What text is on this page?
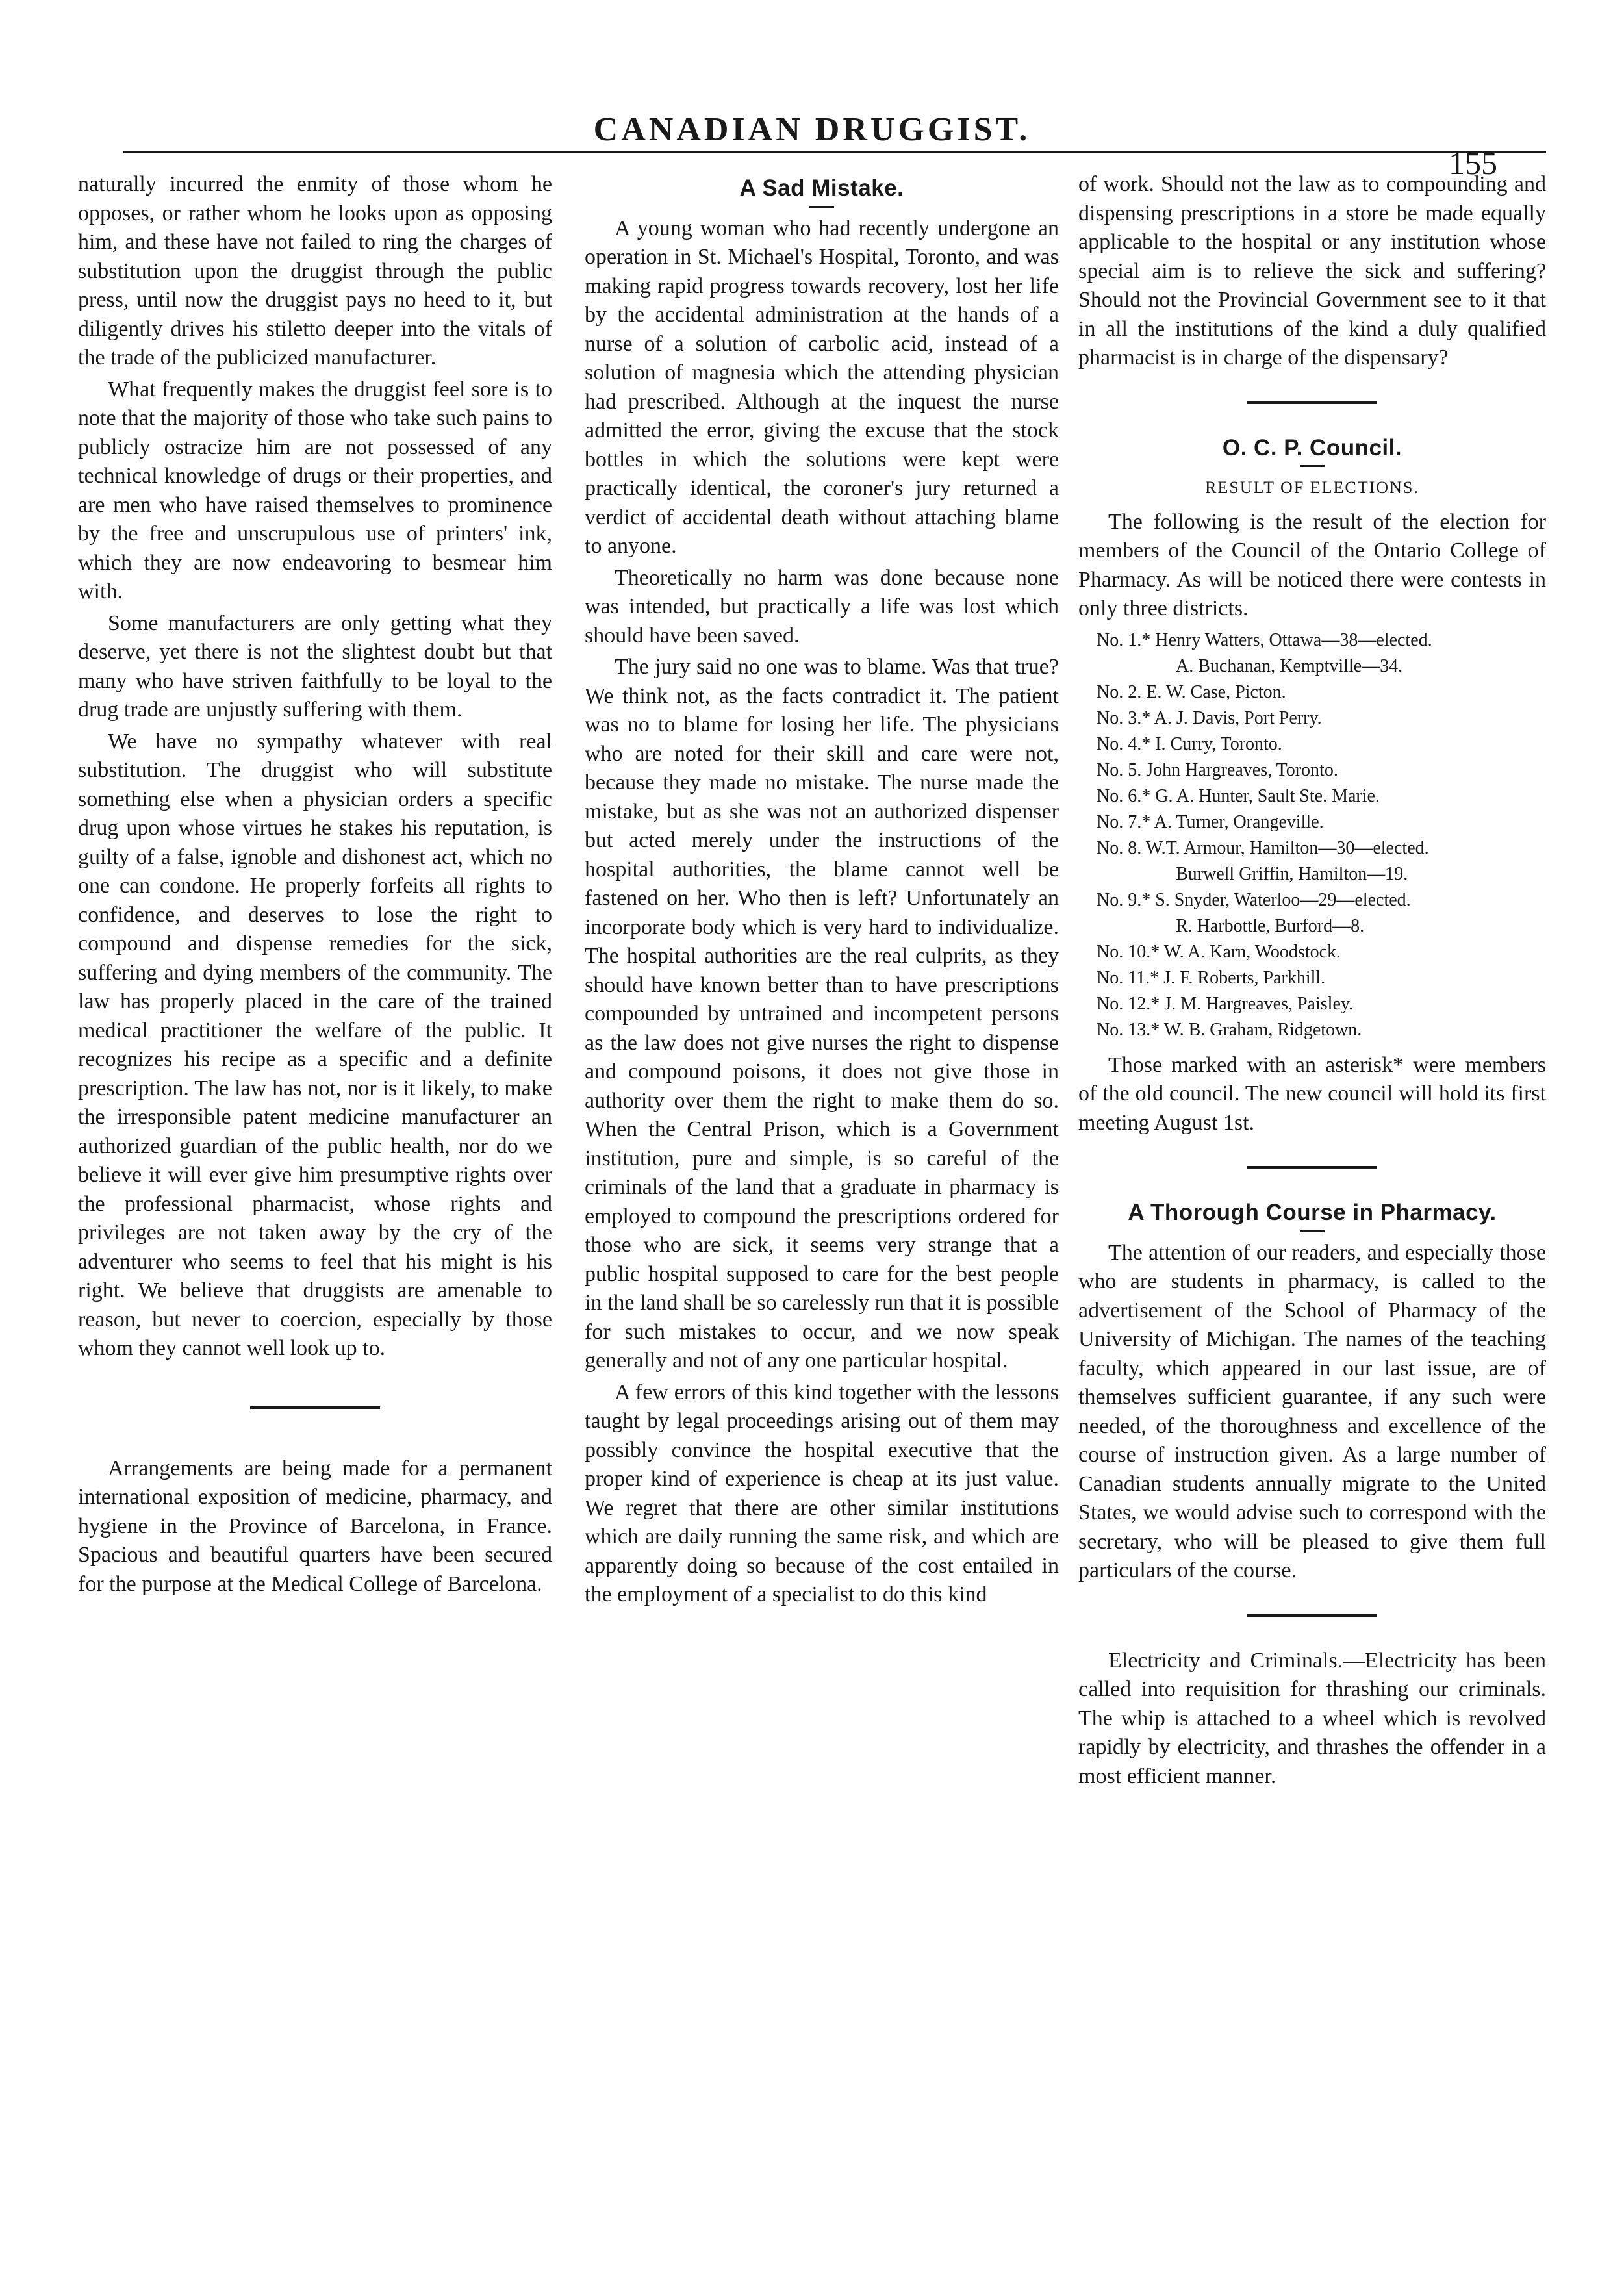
CANADIAN DRUGGIST.
155

naturally incurred the enmity of those whom he opposes, or rather whom he looks upon as opposing him, and these have not failed to ring the charges of substitution upon the druggist through the public press, until now the druggist pays no heed to it, but diligently drives his stiletto deeper into the vitals of the trade of the publicized manufacturer.

What frequently makes the druggist feel sore is to note that the majority of those who take such pains to publicly ostracize him are not possessed of any technical knowledge of drugs or their properties, and are men who have raised themselves to prominence by the free and unscrupulous use of printers' ink, which they are now endeavoring to besmear him with.

Some manufacturers are only getting what they deserve, yet there is not the slightest doubt but that many who have striven faithfully to be loyal to the drug trade are unjustly suffering with them.

We have no sympathy whatever with real substitution. The druggist who will substitute something else when a physician orders a specific drug upon whose virtues he stakes his reputation, is guilty of a false, ignoble and dishonest act, which no one can condone. He properly forfeits all rights to confidence, and deserves to lose the right to compound and dispense remedies for the sick, suffering and dying members of the community. The law has properly placed in the care of the trained medical practitioner the welfare of the public. It recognizes his recipe as a specific and a definite prescription. The law has not, nor is it likely, to make the irresponsible patent medicine manufacturer an authorized guardian of the public health, nor do we believe it will ever give him presumptive rights over the professional pharmacist, whose rights and privileges are not taken away by the cry of the adventurer who seems to feel that his might is his right. We believe that druggists are amenable to reason, but never to coercion, especially by those whom they cannot well look up to.

Arrangements are being made for a permanent international exposition of medicine, pharmacy, and hygiene in the Province of Barcelona, in France. Spacious and beautiful quarters have been secured for the purpose at the Medical College of Barcelona.

A Sad Mistake.

A young woman who had recently undergone an operation in St. Michael's Hospital, Toronto, and was making rapid progress towards recovery, lost her life by the accidental administration at the hands of a nurse of a solution of carbolic acid, instead of a solution of magnesia which the attending physician had prescribed. Although at the inquest the nurse admitted the error, giving the excuse that the stock bottles in which the solutions were kept were practically identical, the coroner's jury returned a verdict of accidental death without attaching blame to anyone.

Theoretically no harm was done because none was intended, but practically a life was lost which should have been saved.

The jury said no one was to blame. Was that true? We think not, as the facts contradict it. The patient was no to blame for losing her life. The physicians who are noted for their skill and care were not, because they made no mistake. The nurse made the mistake, but as she was not an authorized dispenser but acted merely under the instructions of the hospital authorities, the blame cannot well be fastened on her. Who then is left? Unfortunately an incorporate body which is very hard to individualize. The hospital authorities are the real culprits, as they should have known better than to have prescriptions compounded by untrained and incompetent persons as the law does not give nurses the right to dispense and compound poisons, it does not give those in authority over them the right to make them do so. When the Central Prison, which is a Government institution, pure and simple, is so careful of the criminals of the land that a graduate in pharmacy is employed to compound the prescriptions ordered for those who are sick, it seems very strange that a public hospital supposed to care for the best people in the land shall be so carelessly run that it is possible for such mistakes to occur, and we now speak generally and not of any one particular hospital.

A few errors of this kind together with the lessons taught by legal proceedings arising out of them may possibly convince the hospital executive that the proper kind of experience is cheap at its just value. We regret that there are other similar institutions which are daily running the same risk, and which are apparently doing so because of the cost entailed in the employment of a specialist to do this kind

of work. Should not the law as to compounding and dispensing prescriptions in a store be made equally applicable to the hospital or any institution whose special aim is to relieve the sick and suffering? Should not the Provincial Government see to it that in all the institutions of the kind a duly qualified pharmacist is in charge of the dispensary?

O. C. P. Council.
RESULT OF ELECTIONS.

The following is the result of the election for members of the Council of the Ontario College of Pharmacy. As will be noticed there were contests in only three districts.

No. 1.* Henry Watters, Ottawa—38—elected.
A. Buchanan, Kemptville—34.
No. 2. E. W. Case, Picton.
No. 3.* A. J. Davis, Port Perry.
No. 4.* I. Curry, Toronto.
No. 5. John Hargreaves, Toronto.
No. 6.* G. A. Hunter, Sault Ste. Marie.
No. 7.* A. Turner, Orangeville.
No. 8. W.T. Armour, Hamilton—30—elected.
Burwell Griffin, Hamilton—19.
No. 9.* S. Snyder, Waterloo—29—elected.
R. Harbottle, Burford—8.
No. 10.* W. A. Karn, Woodstock.
No. 11.* J. F. Roberts, Parkhill.
No. 12.* J. M. Hargreaves, Paisley.
No. 13.* W. B. Graham, Ridgetown.

Those marked with an asterisk* were members of the old council. The new council will hold its first meeting August 1st.

A Thorough Course in Pharmacy.

The attention of our readers, and especially those who are students in pharmacy, is called to the advertisement of the School of Pharmacy of the University of Michigan. The names of the teaching faculty, which appeared in our last issue, are of themselves sufficient guarantee, if any such were needed, of the thoroughness and excellence of the course of instruction given. As a large number of Canadian students annually migrate to the United States, we would advise such to correspond with the secretary, who will be pleased to give them full particulars of the course.

Electricity and Criminals.—Electricity has been called into requisition for thrashing our criminals. The whip is attached to a wheel which is revolved rapidly by electricity, and thrashes the offender in a most efficient manner.
